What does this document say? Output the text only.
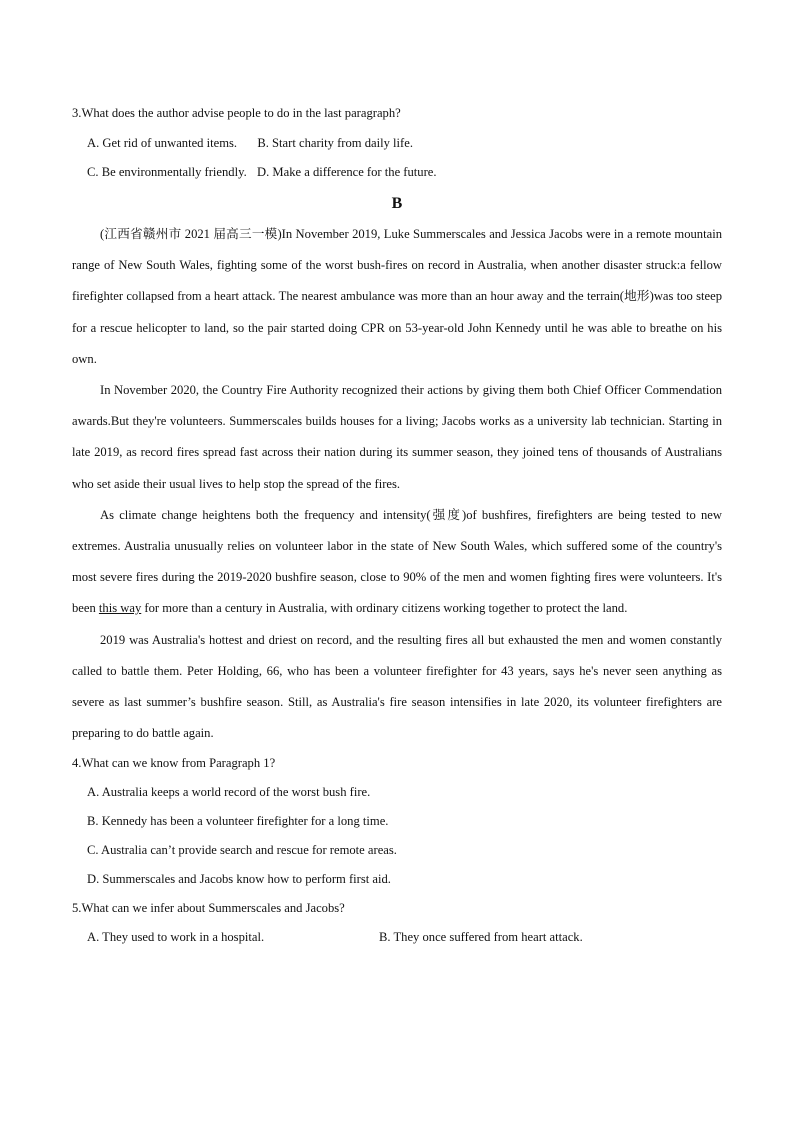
3.What does the author advise people to do in the last paragraph?
A. Get rid of unwanted items. B. Start charity from daily life.
C. Be environmentally friendly. D. Make a difference for the future.
B

(江西省赣州市 2021 届高三一模)In November 2019, Luke Summerscales and Jessica Jacobs were in a remote mountain range of New South Wales, fighting some of the worst bush-fires on record in Australia, when another disaster struck:a fellow firefighter collapsed from a heart attack. The nearest ambulance was more than an hour away and the terrain(地形)was too steep for a rescue helicopter to land, so the pair started doing CPR on 53-year-old John Kennedy until he was able to breathe on his own.

In November 2020, the Country Fire Authority recognized their actions by giving them both Chief Officer Commendation awards.But they're volunteers. Summerscales builds houses for a living; Jacobs works as a university lab technician. Starting in late 2019, as record fires spread fast across their nation during its summer season, they joined tens of thousands of Australians who set aside their usual lives to help stop the spread of the fires.

As climate change heightens both the frequency and intensity(强度)of bushfires, firefighters are being tested to new extremes. Australia unusually relies on volunteer labor in the state of New South Wales, which suffered some of the country's most severe fires during the 2019-2020 bushfire season, close to 90% of the men and women fighting fires were volunteers. It's been this way for more than a century in Australia, with ordinary citizens working together to protect the land.

2019 was Australia's hottest and driest on record, and the resulting fires all but exhausted the men and women constantly called to battle them. Peter Holding, 66, who has been a volunteer firefighter for 43 years, says he's never seen anything as severe as last summer’s bushfire season. Still, as Australia's fire season intensifies in late 2020, its volunteer firefighters are preparing to do battle again.

4.What can we know from Paragraph 1?
A. Australia keeps a world record of the worst bush fire.
B. Kennedy has been a volunteer firefighter for a long time.
C. Australia can’t provide search and rescue for remote areas.
D. Summerscales and Jacobs know how to perform first aid.
5.What can we infer about Summerscales and Jacobs?
A. They used to work in a hospital.	B. They once suffered from heart attack.
